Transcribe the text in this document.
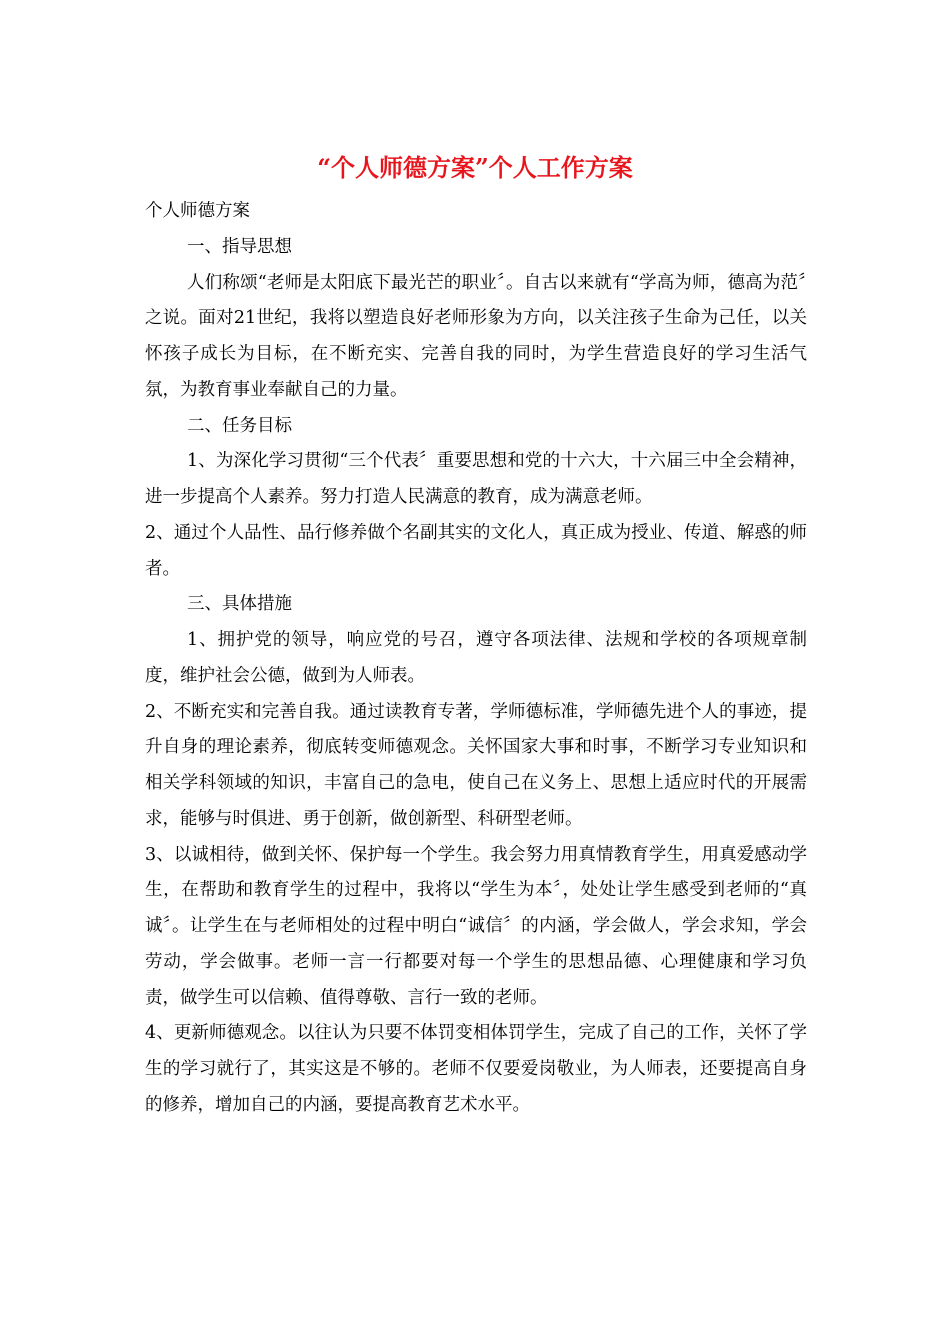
“个人师德方案”个人工作方案

个人师德方案

一、指导思想

人们称颂“老师是太阳底下最光芒的职业〞。自古以来就有“学高为师，德高为范〞之说。面对21世纪，我将以塑造良好老师形象为方向，以关注孩子生命为己任，以关怀孩子成长为目标，在不断充实、完善自我的同时，为学生营造良好的学习生活气氛，为教育事业奉献自己的力量。

二、任务目标

1、为深化学习贯彻“三个代表〞重要思想和党的十六大，十六届三中全会精神，进一步提高个人素养。努力打造人民满意的教育，成为满意老师。

2、通过个人品性、品行修养做个名副其实的文化人，真正成为授业、传道、解惑的师者。

三、具体措施

1、拥护党的领导，响应党的号召，遵守各项法律、法规和学校的各项规章制度，维护社会公德，做到为人师表。

2、不断充实和完善自我。通过读教育专著，学师德标准，学师德先进个人的事迹，提升自身的理论素养，彻底转变师德观念。关怀国家大事和时事，不断学习专业知识和相关学科领域的知识，丰富自己的急电，使自己在义务上、思想上适应时代的开展需求，能够与时俱进、勇于创新，做创新型、科研型老师。

3、以诚相待，做到关怀、保护每一个学生。我会努力用真情教育学生，用真爱感动学生，在帮助和教育学生的过程中，我将以“学生为本〞，处处让学生感受到老师的“真诚〞。让学生在与老师相处的过程中明白“诚信〞的内涵，学会做人，学会求知，学会劳动，学会做事。老师一言一行都要对每一个学生的思想品德、心理健康和学习负责，做学生可以信赖、值得尊敬、言行一致的老师。

4、更新师德观念。以往认为只要不体罚变相体罚学生，完成了自己的工作，关怀了学生的学习就行了，其实这是不够的。老师不仅要爱岗敬业，为人师表，还要提高自身的修养，增加自己的内涵，要提高教育艺术水平。
